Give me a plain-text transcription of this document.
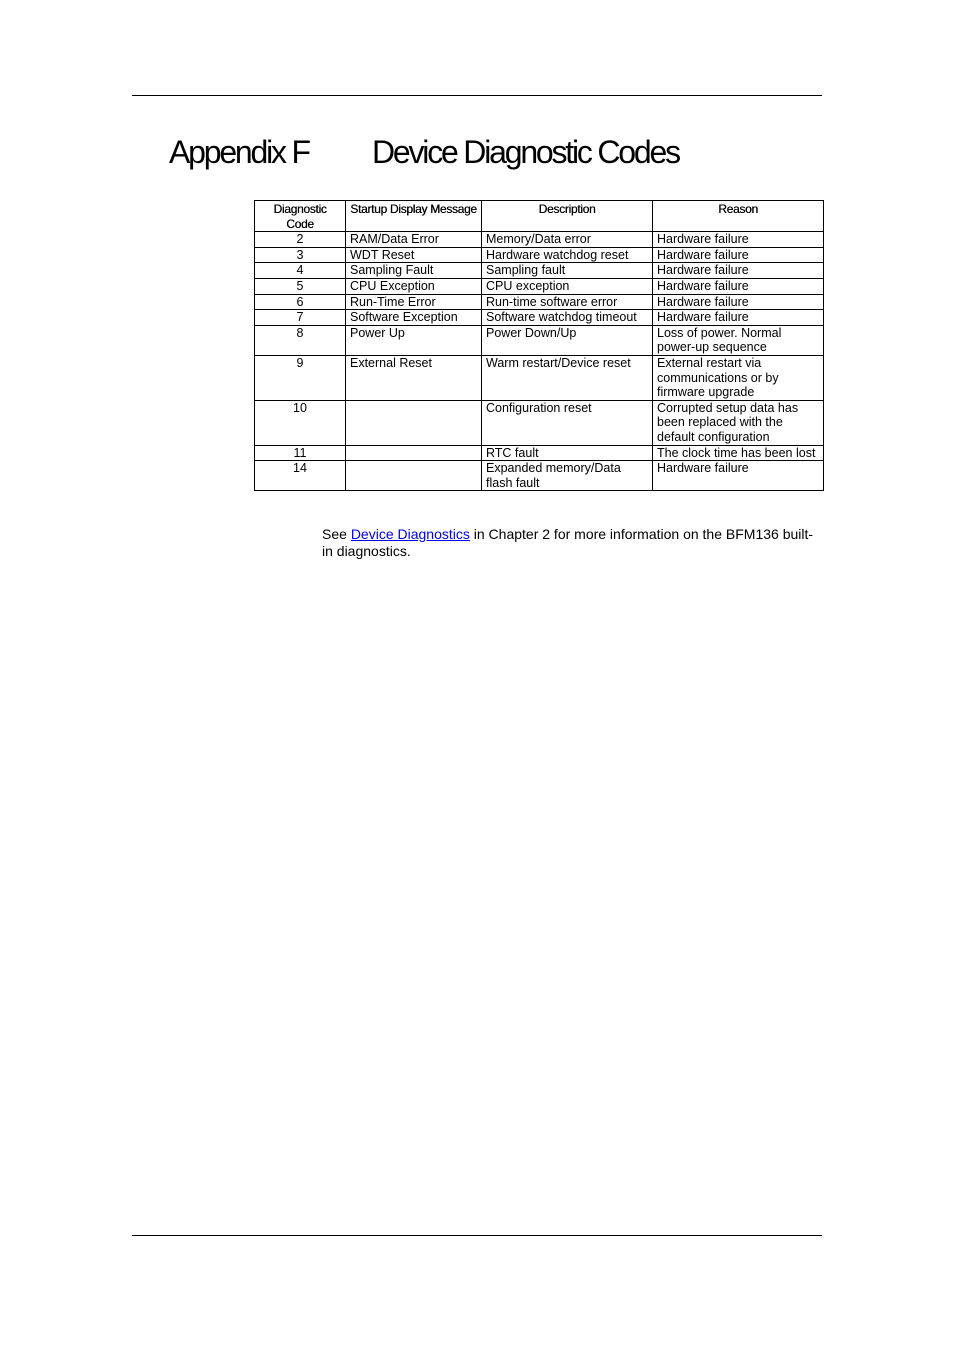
Appendix F Device Diagnostic Codes
Diagnostic Code	Startup Display Message	Description	Reason
2	RAM/Data Error	Memory/Data error	Hardware failure
3	WDT Reset	Hardware watchdog reset	Hardware failure
4	Sampling Fault	Sampling fault	Hardware failure
5	CPU Exception	CPU exception	Hardware failure
6	Run-Time Error	Run-time software error	Hardware failure
7	Software Exception	Software watchdog timeout	Hardware failure
8	Power Up	Power Down/Up	Loss of power. Normal power-up sequence
9	External Reset	Warm restart/Device reset	External restart via communications or by firmware upgrade
10		Configuration reset	Corrupted setup data has been replaced with the default configuration
11		RTC fault	The clock time has been lost
14		Expanded memory/Data flash fault	Hardware failure

See Device Diagnostics in Chapter 2 for more information on the BFM136 built-in diagnostics.
